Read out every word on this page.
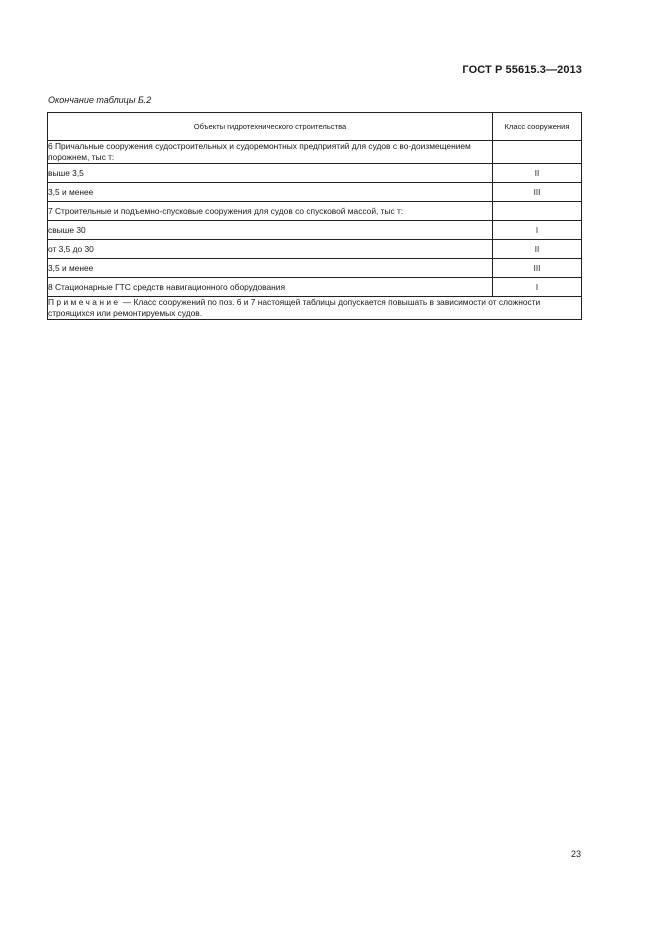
ГОСТ Р 55615.3—2013
Окончание таблицы Б.2
Объекты гидротехнического строительства	Класс сооружения
6 Причальные сооружения судостроительных и судоремонтных предприятий для судов с во-доизмещением порожнем, тыс т:	
выше 3,5	II
3,5 и менее	III
7 Строительные и подъемно-спусковые сооружения для судов со спусковой массой, тыс т:	
свыше 30	I
от 3,5 до 30	II
3,5 и менее	III
8 Стационарные ГТС средств навигационного оборудования	I
Примечание — Класс сооружений по поз. 6 и 7 настоящей таблицы допускается повышать в зависимости от сложности строящихся или ремонтируемых судов.	
23
